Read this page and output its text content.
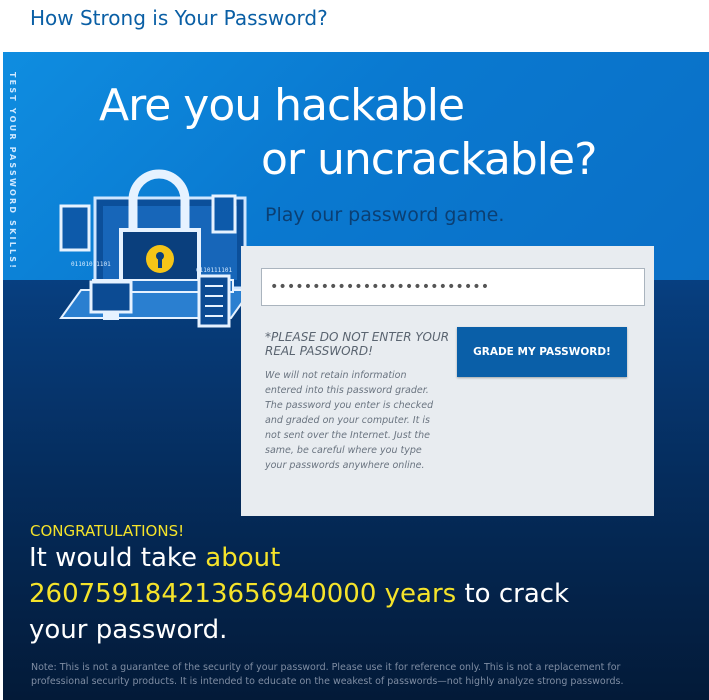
How Strong is Your Password?
TEST YOUR PASSWORD SKILLS! Are you hackable
or uncrackable?
Play our password game.
01101011101
0110111101
••••••••••••••••••••••••••
*PLEASE DO NOT ENTER YOUR REAL PASSWORD!
We will not retain information entered into this password grader. The password you enter is checked and graded on your computer. It is not sent over the Internet. Just the same, be careful where you type your passwords anywhere online.
GRADE MY PASSWORD!
CONGRATULATIONS!
It would take about
260759184213656940000 years to crack
your password.
Note: This is not a guarantee of the security of your password. Please use it for reference only. This is not a replacement for professional security products. It is intended to educate on the weakest of passwords—not highly analyze strong passwords.
